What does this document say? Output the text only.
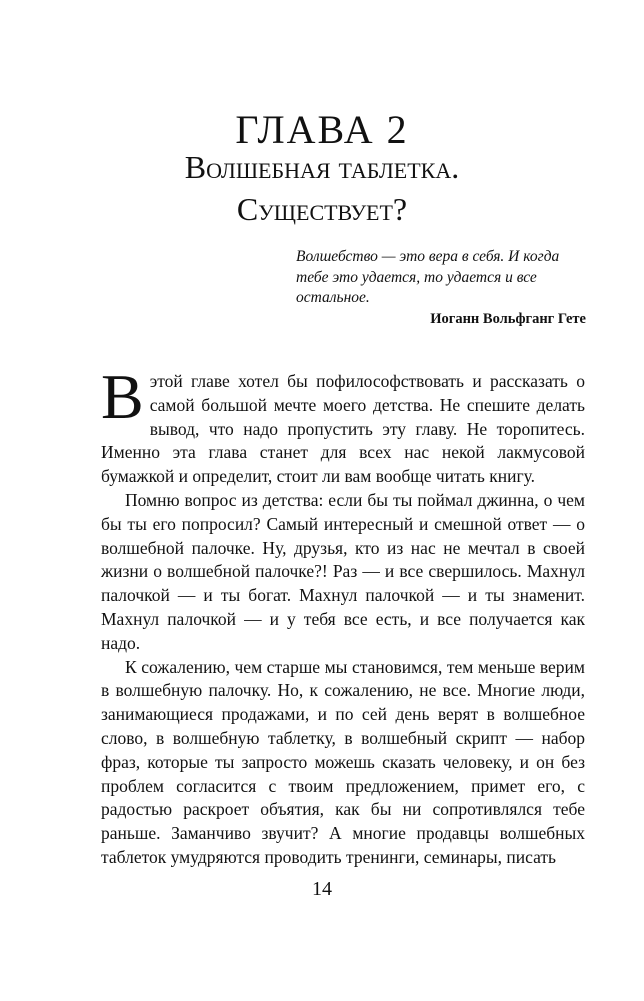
ГЛАВА 2
Волшебная таблетка.
Существует?
Волшебство — это вера в себя. И когда тебе это удается, то удается и все остальное.
Иоганн Вольфганг Гете

В этой главе хотел бы пофилософствовать и рассказать о самой большой мечте моего детства. Не спешите делать вывод, что надо пропустить эту главу. Не торопитесь. Именно эта глава станет для всех нас некой лакмусовой бумажкой и определит, стоит ли вам вообще читать книгу.

Помню вопрос из детства: если бы ты поймал джинна, о чем бы ты его попросил? Самый интересный и смешной ответ — о волшебной палочке. Ну, друзья, кто из нас не мечтал в своей жизни о волшебной палочке?! Раз — и все свершилось. Махнул палочкой — и ты богат. Махнул палочкой — и ты знаменит. Махнул палочкой — и у тебя все есть, и все получается как надо.

К сожалению, чем старше мы становимся, тем меньше верим в волшебную палочку. Но, к сожалению, не все. Многие люди, занимающиеся продажами, и по сей день верят в волшебное слово, в волшебную таблетку, в волшебный скрипт — набор фраз, которые ты запросто можешь сказать человеку, и он без проблем согласится с твоим предложением, примет его, с радостью раскроет объятия, как бы ни сопротивлялся тебе раньше. Заманчиво звучит? А многие продавцы волшебных таблеток умудряются проводить тренинги, семинары, писать

14
